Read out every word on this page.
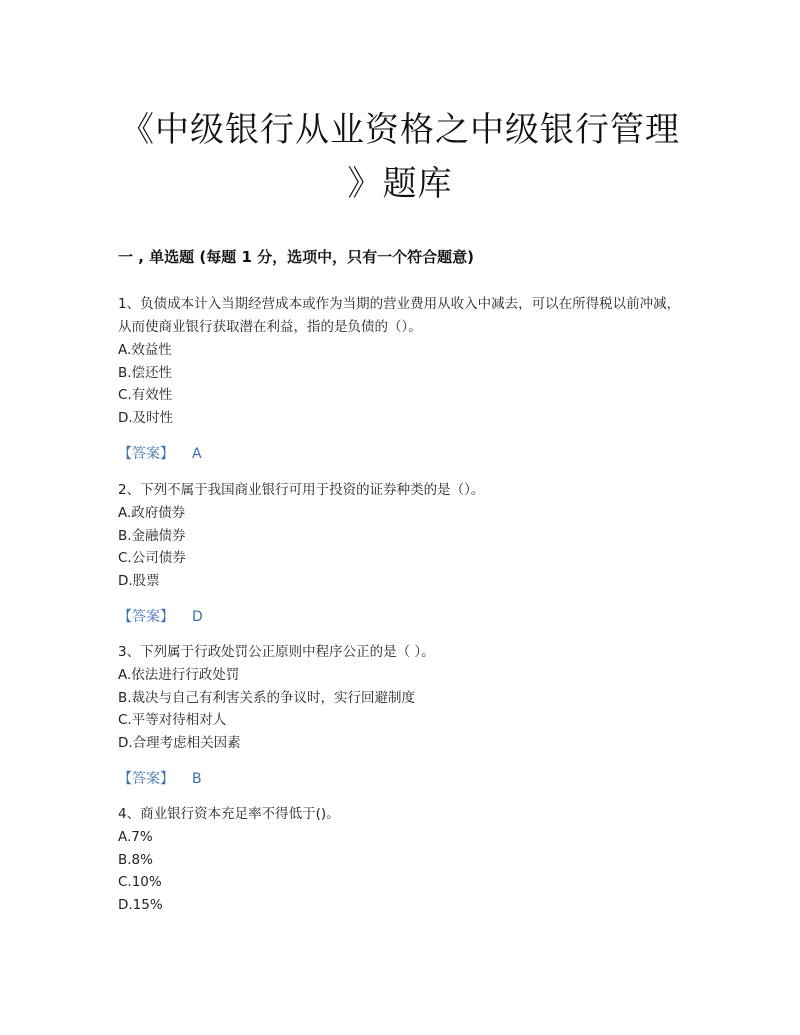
《中级银行从业资格之中级银行管理
》题库
一 , 单选题 (每题 1 分，选项中，只有一个符合题意)

1、负债成本计入当期经营成本或作为当期的营业费用从收入中减去，可以在所得税以前冲减，从而使商业银行获取潜在利益，指的是负债的（）。

A.效益性

B.偿还性

C.有效性

D.及时性

【答案】 A

2、下列不属于我国商业银行可用于投资的证券种类的是（）。

A.政府债券

B.金融债券

C.公司债券

D.股票

【答案】 D

3、下列属于行政处罚公正原则中程序公正的是（ ）。

A.依法进行行政处罚

B.裁决与自己有利害关系的争议时，实行回避制度

C.平等对待相对人

D.合理考虑相关因素

【答案】 B

4、商业银行资本充足率不得低于()。

A.7%

B.8%

C.10%

D.15%
